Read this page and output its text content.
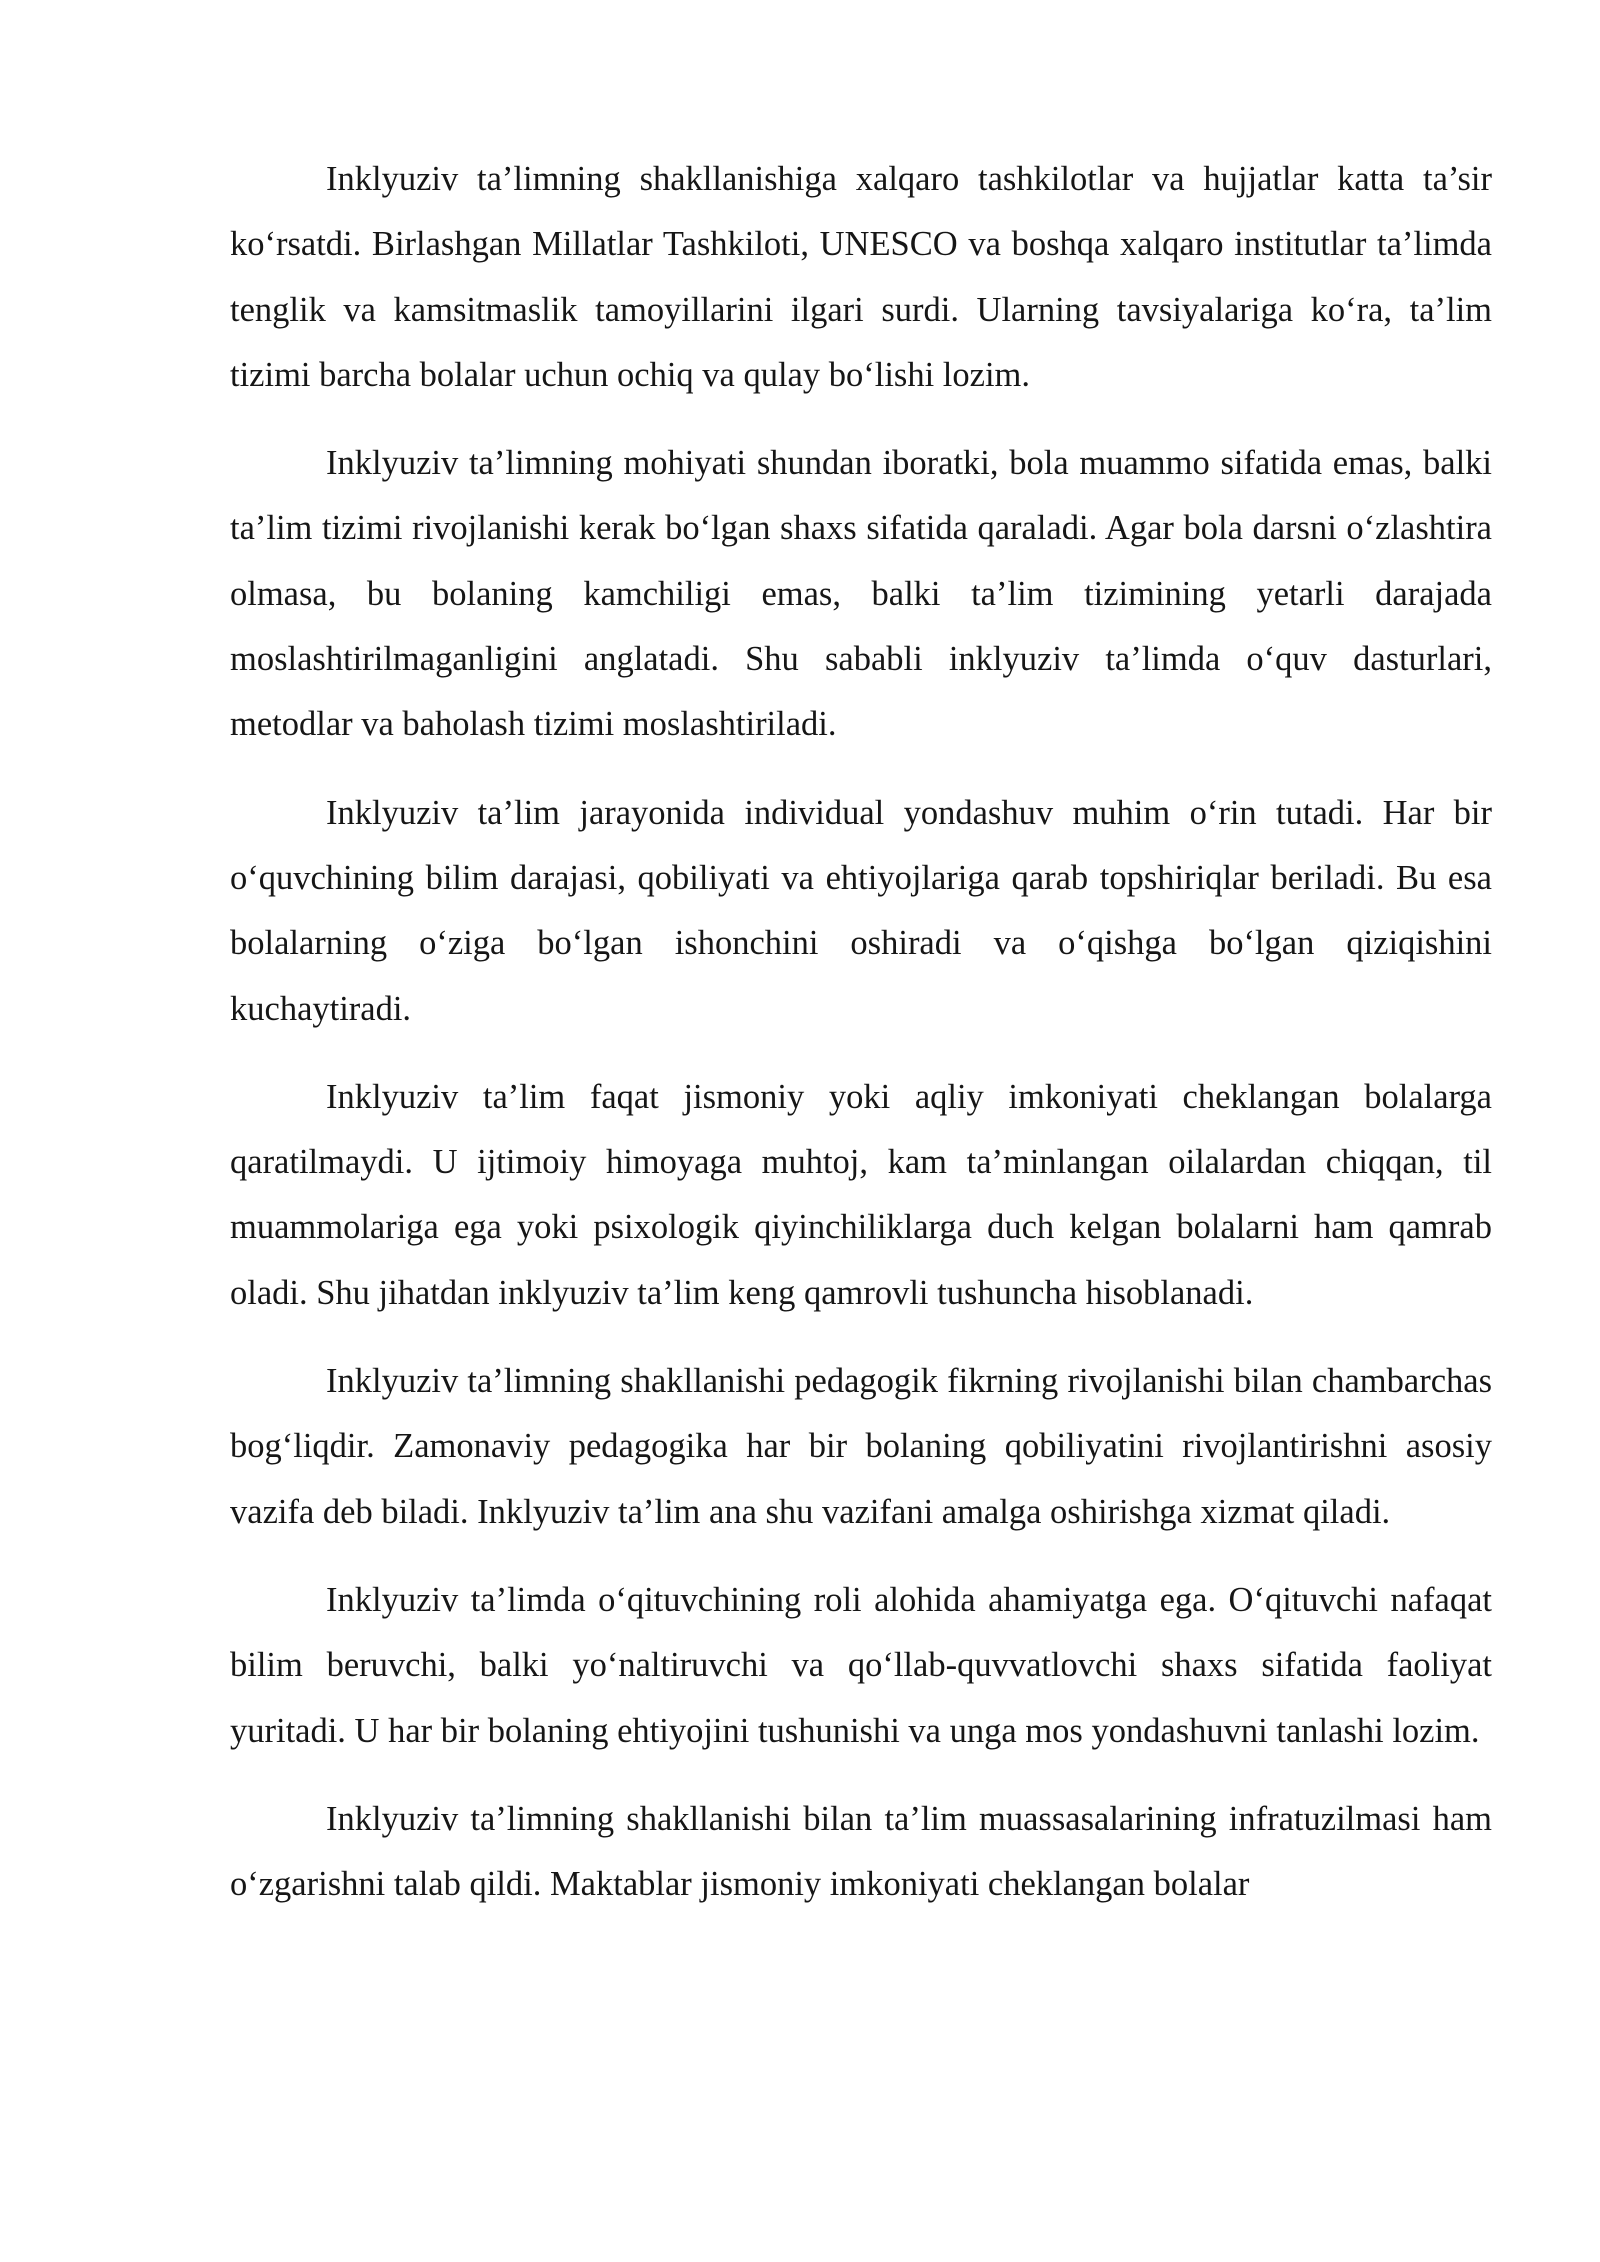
Inklyuziv ta’limning shakllanishiga xalqaro tashkilotlar va hujjatlar katta ta’sir ko‘rsatdi. Birlashgan Millatlar Tashkiloti, UNESCO va boshqa xalqaro institutlar ta’limda tenglik va kamsitmaslik tamoyillarini ilgari surdi. Ularning tavsiyalariga ko‘ra, ta’lim tizimi barcha bolalar uchun ochiq va qulay bo‘lishi lozim.

Inklyuziv ta’limning mohiyati shundan iboratki, bola muammo sifatida emas, balki ta’lim tizimi rivojlanishi kerak bo‘lgan shaxs sifatida qaraladi. Agar bola darsni o‘zlashtira olmasa, bu bolaning kamchiligi emas, balki ta’lim tizimining yetarli darajada moslashtirilmaganligini anglatadi. Shu sababli inklyuziv ta’limda o‘quv dasturlari, metodlar va baholash tizimi moslashtiriladi.

Inklyuziv ta’lim jarayonida individual yondashuv muhim o‘rin tutadi. Har bir o‘quvchining bilim darajasi, qobiliyati va ehtiyojlariga qarab topshiriqlar beriladi. Bu esa bolalarning o‘ziga bo‘lgan ishonchini oshiradi va o‘qishga bo‘lgan qiziqishini kuchaytiradi.

Inklyuziv ta’lim faqat jismoniy yoki aqliy imkoniyati cheklangan bolalarga qaratilmaydi. U ijtimoiy himoyaga muhtoj, kam ta’minlangan oilalardan chiqqan, til muammolariga ega yoki psixologik qiyinchiliklarga duch kelgan bolalarni ham qamrab oladi. Shu jihatdan inklyuziv ta’lim keng qamrovli tushuncha hisoblanadi.

Inklyuziv ta’limning shakllanishi pedagogik fikrning rivojlanishi bilan chambarchas bog‘liqdir. Zamonaviy pedagogika har bir bolaning qobiliyatini rivojlantirishni asosiy vazifa deb biladi. Inklyuziv ta’lim ana shu vazifani amalga oshirishga xizmat qiladi.

Inklyuziv ta’limda o‘qituvchining roli alohida ahamiyatga ega. O‘qituvchi nafaqat bilim beruvchi, balki yo‘naltiruvchi va qo‘llab-quvvatlovchi shaxs sifatida faoliyat yuritadi. U har bir bolaning ehtiyojini tushunishi va unga mos yondashuvni tanlashi lozim.

Inklyuziv ta’limning shakllanishi bilan ta’lim muassasalarining infratuzilmasi ham o‘zgarishni talab qildi. Maktablar jismoniy imkoniyati cheklangan bolalar
